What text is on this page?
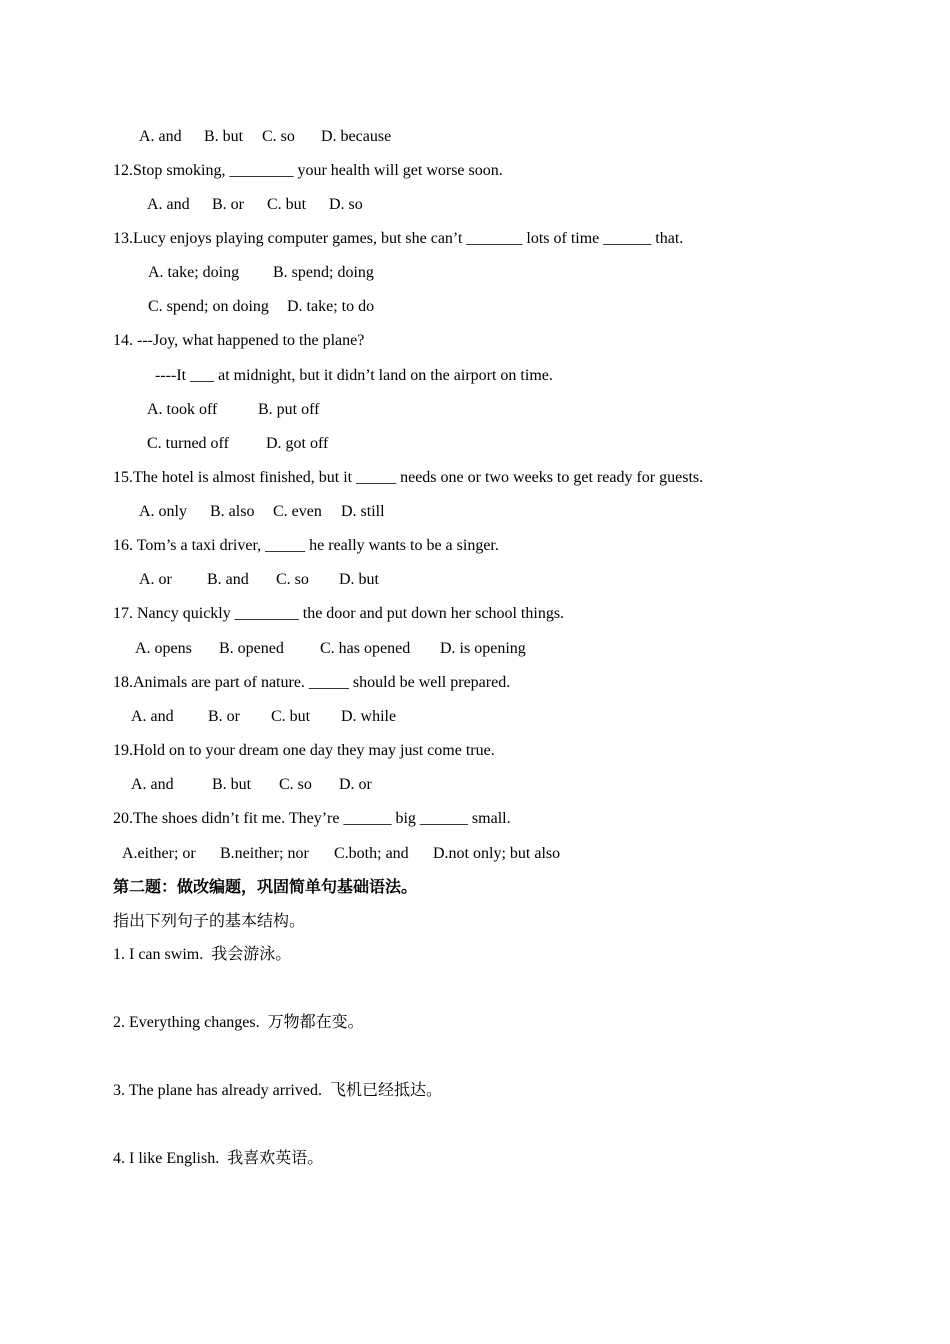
A. and B. but C. so D. because
12.Stop smoking, ________ your health will get worse soon.
A. and B. or C. but D. so
13.Lucy enjoys playing computer games, but she can’t _______ lots of time ______ that.
A. take; doing B. spend; doing
C. spend; on doing D. take; to do
14. ---Joy, what happened to the plane?
----It ___ at midnight, but it didn’t land on the airport on time.
A. took off	B. put off
C. turned off D. got off
15.The hotel is almost finished, but it _____ needs one or two weeks to get ready for guests.
A. only B. also C. even D. still
16. Tom’s a taxi driver, _____ he really wants to be a singer.
A. or B. and C. so D. but
17. Nancy quickly ________ the door and put down her school things.
A. opens B. opened C. has opened D. is opening
18.Animals are part of nature. _____ should be well prepared.
A. and B. or C. but D. while
19.Hold on to your dream one day they may just come true.
A. and B. but C. so D. or
20.The shoes didn’t fit me. They’re ______ big ______ small.
A.either; or B.neither; nor C.both; and D.not only; but also
第二题：做改编题，巩固简单句基础语法。
指出下列句子的基本结构。
1. I can swim.  我会游泳。
2. Everything changes.  万物都在变。
3. The plane has already arrived.  飞机已经抵达。
4. I like English.  我喜欢英语。
